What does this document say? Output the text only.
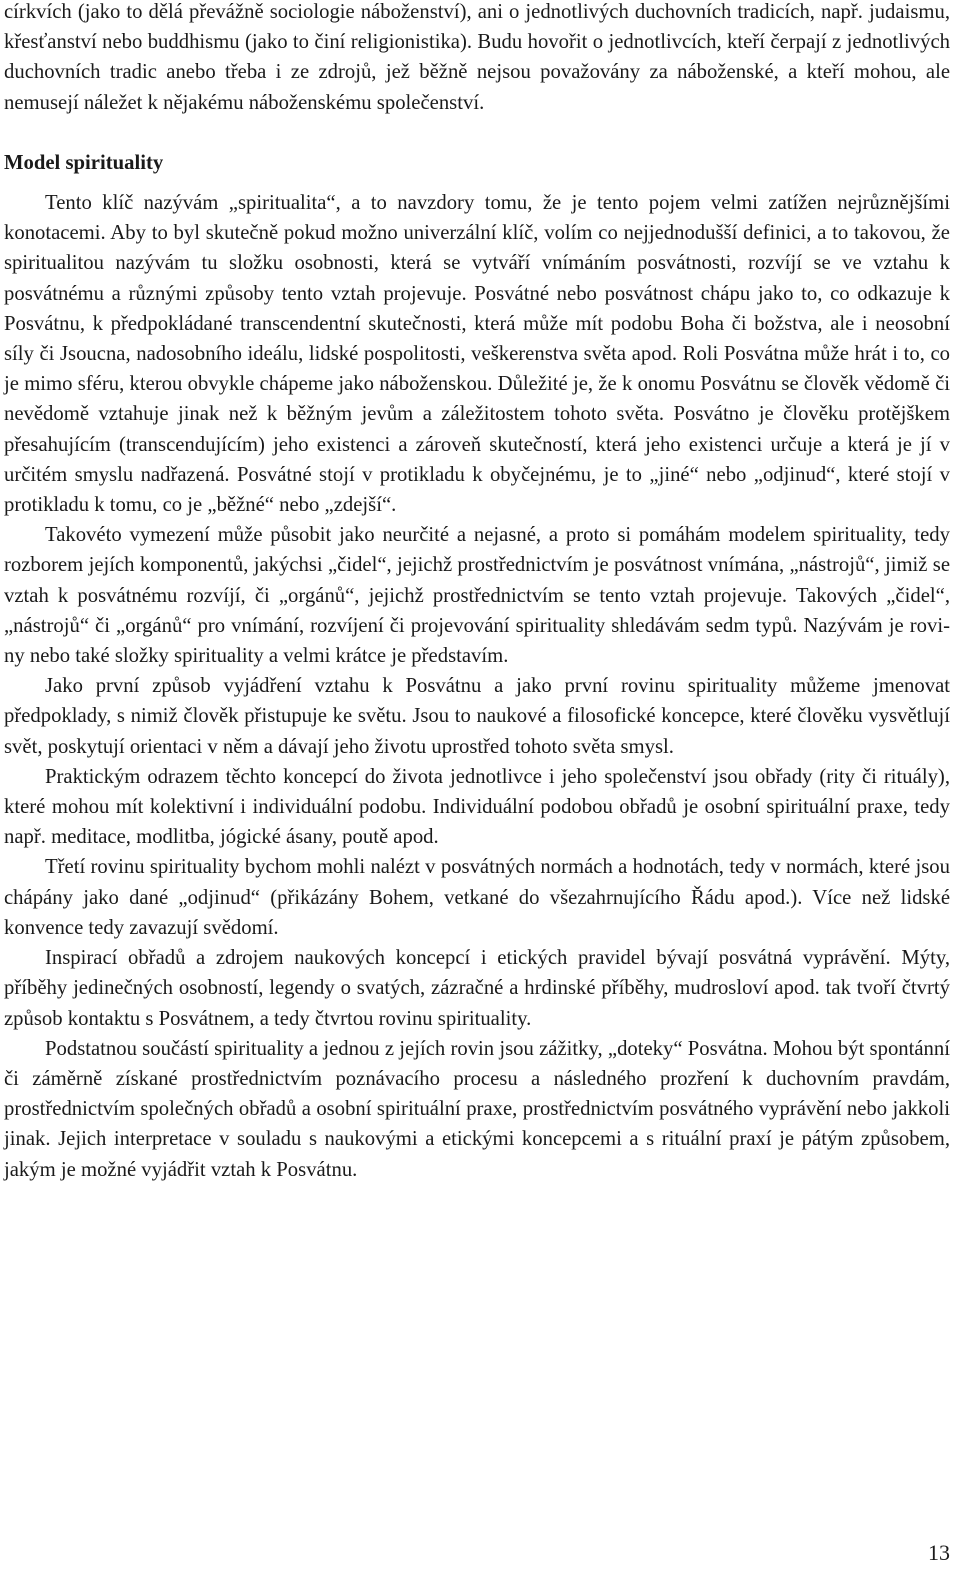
církvích (jako to dělá převážně sociologie náboženství), ani o jednotlivých duchovních tradicích, např. judaismu, křesťanství nebo buddhismu (jako to činí religionistika). Budu hovořit o jednotlivcích, kteří čerpají z jednotlivých duchovních tradic anebo třeba i ze zdrojů, jež běžně nejsou považovány za náboženské, a kteří mohou, ale nemusejí náležet k nějakému náboženskému společenství.

Model spirituality

Tento klíč nazývám „spiritualita“, a to navzdory tomu, že je tento pojem velmi zatížen nejrůznějšími konotacemi. Aby to byl skutečně pokud možno univerzální klíč, volím co nejjednodušší definici, a to takovou, že spiritualitou nazývám tu složku osobnosti, která se vytváří vnímáním posvátnosti, rozvíjí se ve vztahu k posvátnému a různými způsoby tento vztah projevuje. Posvátné nebo posvátnost chápu jako to, co odkazuje k Posvátnu, k předpokládané transcendentní skutečnosti, která může mít podobu Boha či božstva, ale i neosobní síly či Jsoucna, nadosobního ideálu, lidské pospolitosti, veškerenstva světa apod. Roli Posvátna může hrát i to, co je mimo sféru, kterou obvykle chápeme jako náboženskou. Důležité je, že k onomu Posvátnu se člověk vědomě či nevědomě vztahuje jinak než k běžným jevům a záležitostem tohoto světa. Posvátno je člověku protějškem přesahujícím (transcendujícím) jeho existenci a zároveň skutečností, která jeho existenci určuje a která je jí v určitém smyslu nadřazená. Posvátné stojí v protikladu k obyčejnému, je to „jiné“ nebo „odjinud“, které stojí v protikladu k tomu, co je „běžné“ nebo „zdejší“.

Takovéto vymezení může působit jako neurčité a nejasné, a proto si pomáhám modelem spirituality, tedy rozborem jejích komponentů, jakýchsi „čidel“, jejichž prostřednictvím je posvátnost vnímána, „nástrojů“, jimiž se vztah k posvátnému rozvíjí, či „orgánů“, jejichž prostřednictvím se tento vztah projevuje. Takových „čidel“, „nástrojů“ či „orgánů“ pro vnímání, rozvíjení či projevování spirituality shledávám sedm typů. Nazývám je roviny nebo také složky spirituality a velmi krátce je představím.

Jako první způsob vyjádření vztahu k Posvátnu a jako první rovinu spirituality můžeme jmenovat předpoklady, s nimiž člověk přistupuje ke světu. Jsou to naukové a filosofické koncepce, které člověku vysvětlují svět, poskytují orientaci v něm a dávají jeho životu uprostřed tohoto světa smysl.

Praktickým odrazem těchto koncepcí do života jednotlivce i jeho společenství jsou obřady (rity či rituály), které mohou mít kolektivní i individuální podobu. Individuální podobou obřadů je osobní spirituální praxe, tedy např. meditace, modlitba, jógické ásany, poutě apod.

Třetí rovinu spirituality bychom mohli nalézt v posvátných normách a hodnotách, tedy v normách, které jsou chápány jako dané „odjinud“ (přikázány Bohem, vetkané do všezahrnujícího Řádu apod.). Více než lidské konvence tedy zavazují svědomí.

Inspirací obřadů a zdrojem naukových koncepcí i etických pravidel bývají posvátná vyprávění. Mýty, příběhy jedinečných osobností, legendy o svatých, zázračné a hrdinské příběhy, mudrosloví apod. tak tvoří čtvrtý způsob kontaktu s Posvátnem, a tedy čtvrtou rovinu spirituality.

Podstatnou součástí spirituality a jednou z jejích rovin jsou zážitky, „doteky“ Posvátna. Mohou být spontánní či záměrně získané prostřednictvím poznávacího procesu a následného prozření k duchovním pravdám, prostřednictvím společných obřadů a osobní spirituální praxe, prostřednictvím posvátného vyprávění nebo jakkoli jinak. Jejich interpretace v souladu s naukovými a etickými koncepcemi a s rituální praxí je pátým způsobem, jakým je možné vyjádřit vztah k Posvátnu.

13
